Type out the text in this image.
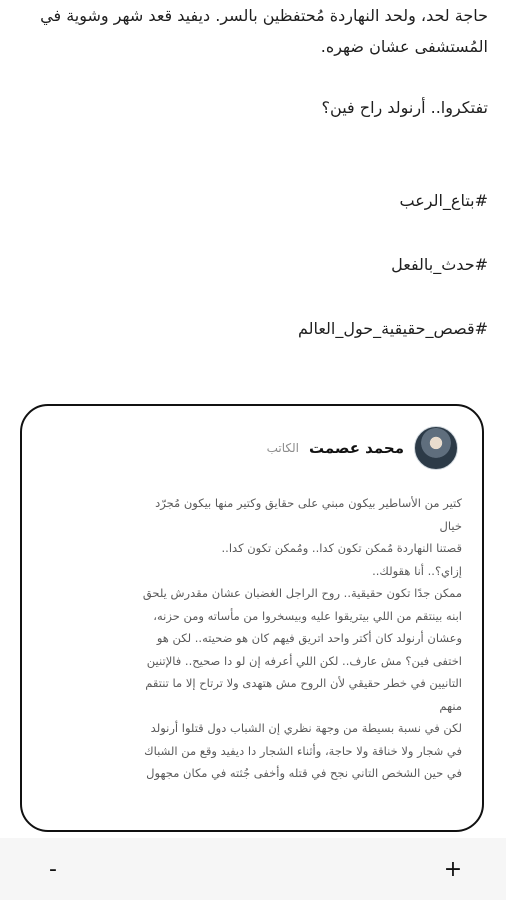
حاجة لحد، ولحد النهاردة مُحتفظين بالسر. ديفيد قعد شهر وشوية في المُستشفى عشان ضهره.

تفتكروا.. أرنولد راح فين؟

#بتاع_الرعب
#حدث_بالفعل
#قصص_حقيقية_حول_العالم
محمد عصمت
الكاتب

كتير من الأساطير بيكون مبني على حقايق وكتير منها بيكون مُجرّد

خيال

قصتنا النهاردة مُمكن تكون كدا.. ومُمكن تكون كدا..

إزاي؟.. أنا هقولك..

ممكن جدًا تكون حقيقية.. روح الراجل الغضبان عشان مقدرش يلحق

ابنه بينتقم من اللي بيتريقوا عليه وبيسخروا من مأساته ومن حزنه،

وعشان أرنولد كان أكتر واحد اتريق فيهم كان هو ضحيته.. لكن هو

اختفى فين؟ مش عارف.. لكن اللي أعرفه إن لو دا صحيح.. فالإتنين

التانيين في خطر حقيقي لأن الروح مش هتهدى ولا ترتاح إلا ما تنتقم

منهم

لكن في نسبة بسيطة من وجهة نظري إن الشباب دول قتلوا أرنولد

في شجار ولا خناقة ولا حاجة، وأثناء الشجار دا ديفيد وقع من الشباك

في حين الشخص التاني نجح في قتله وأخفى جُثته في مكان مجهول

-	+
